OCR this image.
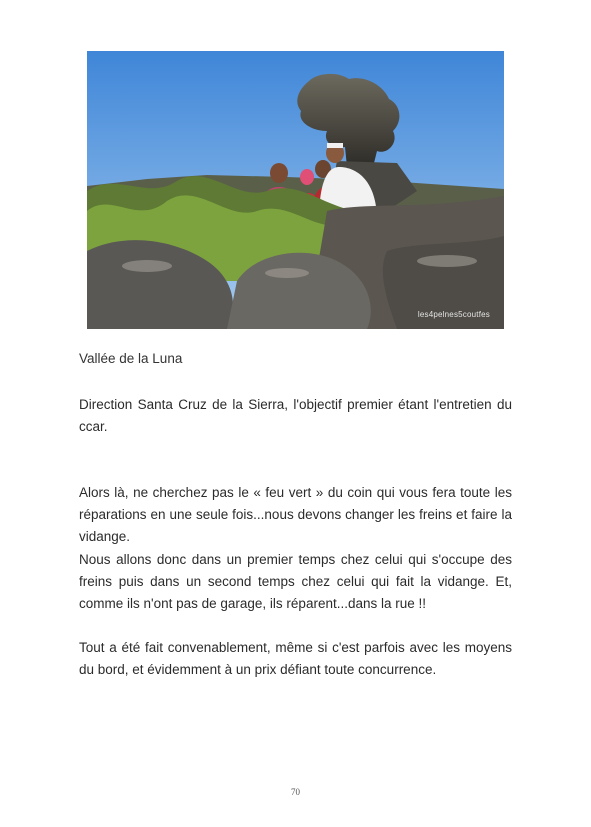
les4pelnes5coutfes

Vallée de la Luna

Direction Santa Cruz de la Sierra, l'objectif premier étant l'entretien du ccar.

Alors là, ne cherchez pas le « feu vert » du coin qui vous fera toute les réparations en une seule fois...nous devons changer les freins et faire la vidange.

Nous allons donc dans un premier temps chez celui qui s'occupe des freins puis dans un second temps chez celui qui fait la vidange. Et, comme ils n'ont pas de garage, ils réparent...dans la rue !!

Tout a été fait convenablement, même si c'est parfois avec les moyens du bord, et évidemment à un prix défiant toute concurrence.

70
